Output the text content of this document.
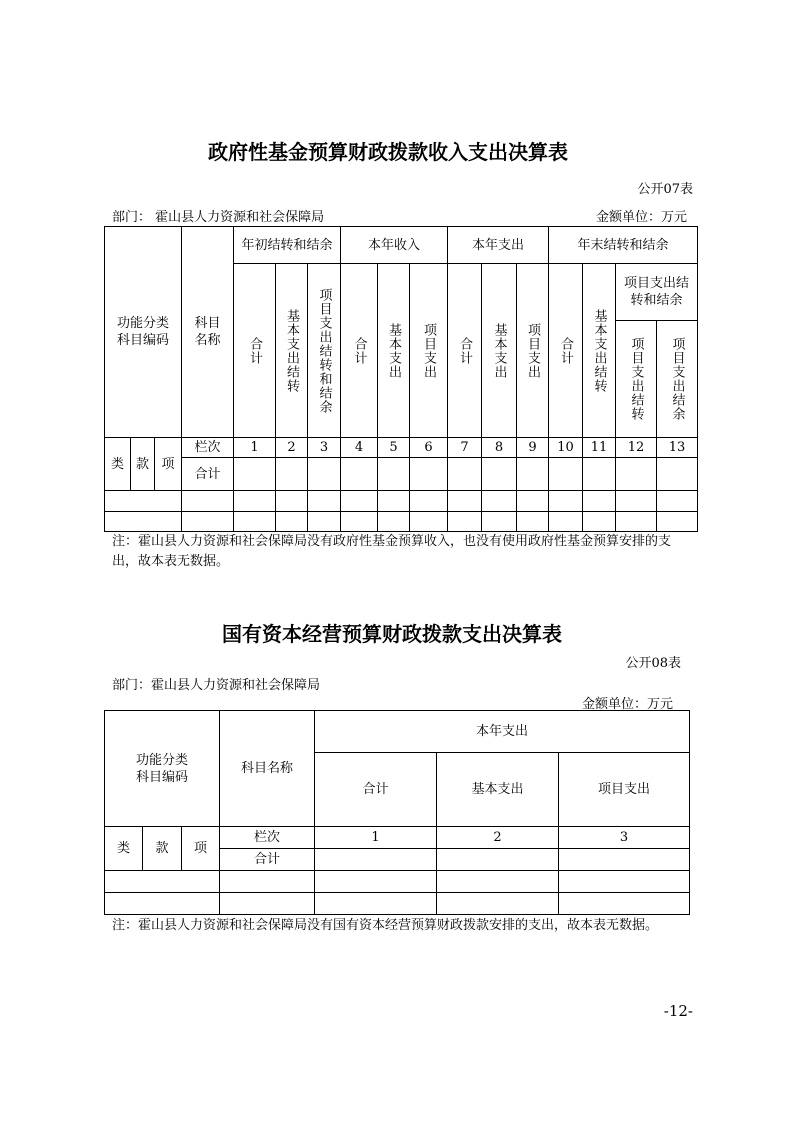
政府性基金预算财政拨款收入支出决算表
公开07表
部门： 霍山县人力资源和社会保障局	金额单位：万元
功能分类科目编码			科目名称	年初结转和结余			本年收入			本年支出			年末结转和结余			

				合计	基本支出结转	项目支出结转和结余	合计	基本支出	项目支出	合计	基本支出	项目支出	合计	基本支出结转	项目支出结转和结余	

															项目支出结转	项目支出结余

类	款	项	栏次	1	2	3	4	5	6	7	8	9	10	11	12	13
			合计													

注：霍山县人力资源和社会保障局没有政府性基金预算收入，也没有使用政府性基金预算安排的支出，故本表无数据。
国有资本经营预算财政拨款支出决算表
公开08表
部门：霍山县人力资源和社会保障局
金额单位：万元
功能分类科目编码			科目名称	本年支出		
				合计	基本支出	项目支出
类	款	项	栏次	1	2	3
			合计			

注：霍山县人力资源和社会保障局没有国有资本经营预算财政拨款安排的支出，故本表无数据。
-12-
